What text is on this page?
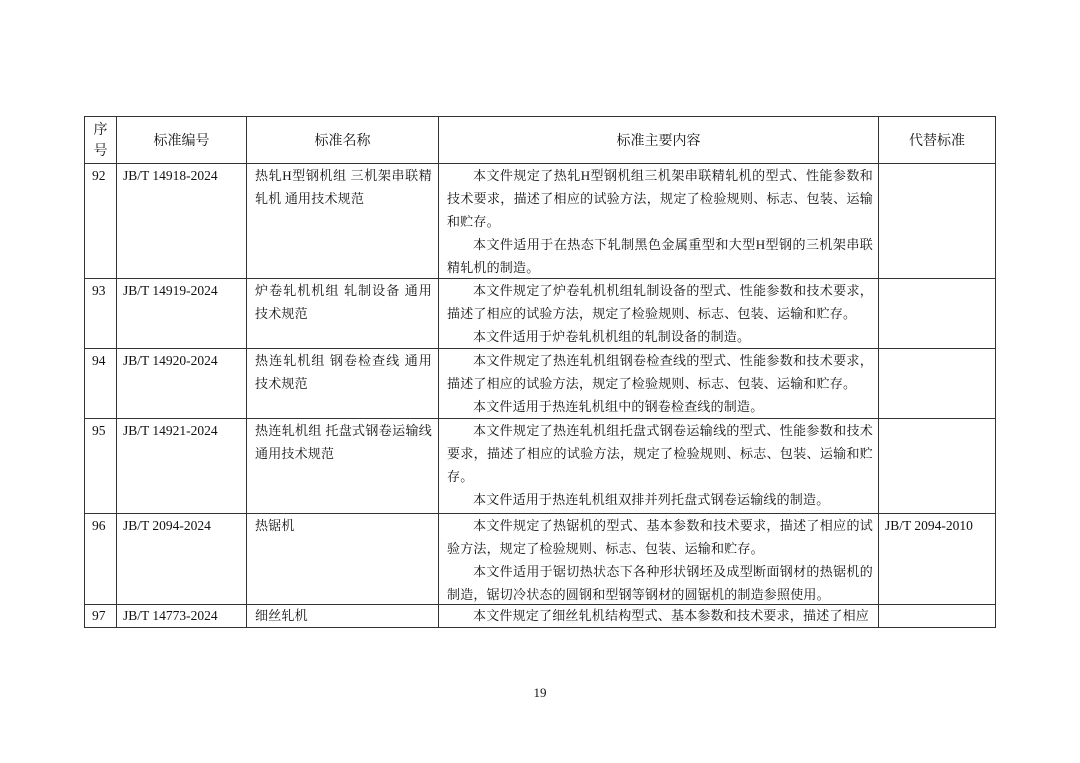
序号	标准编号	标准名称	标准主要内容	代替标准

92	JB/T 14918-2024	热轧H型钢机组 三机架串联精轧机 通用技术规范	本文件规定了热轧H型钢机组三机架串联精轧机的型式、性能参数和技术要求，描述了相应的试验方法，规定了检验规则、标志、包装、运输和贮存。

本文件适用于在热态下轧制黑色金属重型和大型H型钢的三机架串联精轧机的制造。	

93	JB/T 14919-2024	炉卷轧机机组 轧制设备 通用技术规范	本文件规定了炉卷轧机机组轧制设备的型式、性能参数和技术要求，描述了相应的试验方法，规定了检验规则、标志、包装、运输和贮存。

本文件适用于炉卷轧机机组的轧制设备的制造。	

94	JB/T 14920-2024	热连轧机组 钢卷检查线 通用技术规范	本文件规定了热连轧机组钢卷检查线的型式、性能参数和技术要求，描述了相应的试验方法，规定了检验规则、标志、包装、运输和贮存。

本文件适用于热连轧机组中的钢卷检查线的制造。	

95	JB/T 14921-2024	热连轧机组 托盘式钢卷运输线 通用技术规范	本文件规定了热连轧机组托盘式钢卷运输线的型式、性能参数和技术要求，描述了相应的试验方法，规定了检验规则、标志、包装、运输和贮存。

本文件适用于热连轧机组双排并列托盘式钢卷运输线的制造。	

96	JB/T 2094-2024	热锯机	本文件规定了热锯机的型式、基本参数和技术要求，描述了相应的试验方法，规定了检验规则、标志、包装、运输和贮存。

本文件适用于锯切热状态下各种形状钢坯及成型断面钢材的热锯机的制造，锯切冷状态的圆钢和型钢等钢材的圆锯机的制造参照使用。	JB/T 2094-2010

97	JB/T 14773-2024	细丝轧机	本文件规定了细丝轧机结构型式、基本参数和技术要求，描述了相应	

19
